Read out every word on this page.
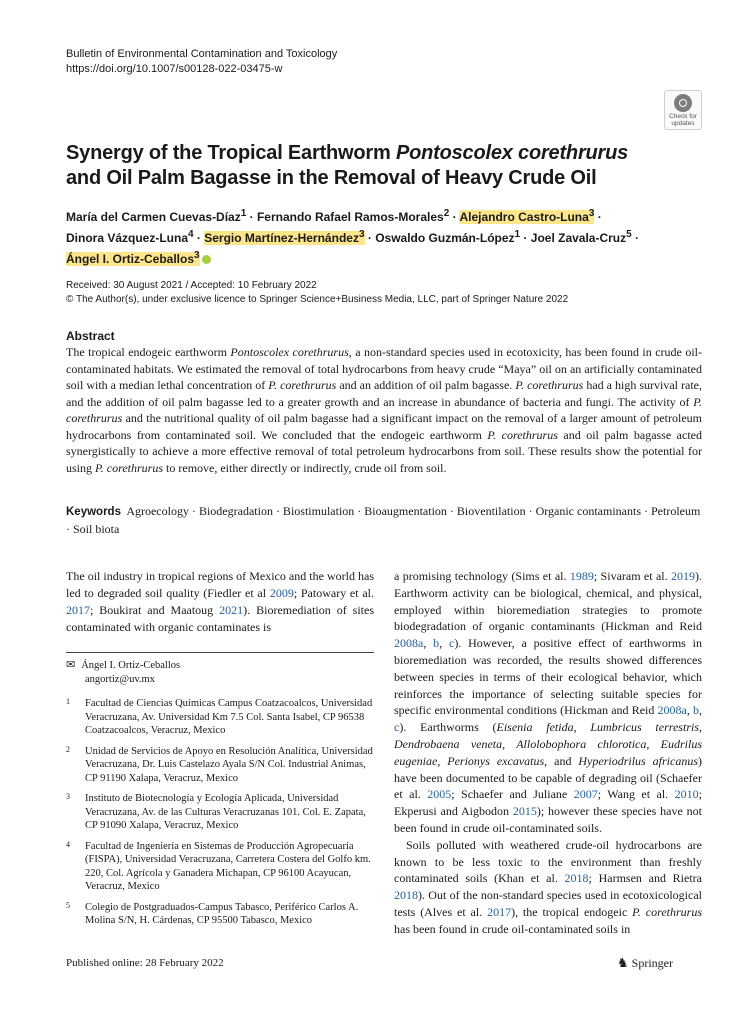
Bulletin of Environmental Contamination and Toxicology
https://doi.org/10.1007/s00128-022-03475-w
Check for
updates
Synergy of the Tropical Earthworm Pontoscolex corethrurus and Oil Palm Bagasse in the Removal of Heavy Crude Oil
María del Carmen Cuevas-Díaz$^1$ · Fernando Rafael Ramos-Morales$^2$ · Alejandro Castro-Luna$^3$ ·
Dinora Vázquez-Luna$^4$ · Sergio Martínez-Hernández$^3$ · Oswaldo Guzmán-López$^1$ · Joel Zavala-Cruz$^5$ ·
Ángel I. Ortiz-Ceballos$^3$
Received: 30 August 2021 / Accepted: 10 February 2022
© The Author(s), under exclusive licence to Springer Science+Business Media, LLC, part of Springer Nature 2022
Abstract
The tropical endogeic earthworm Pontoscolex corethrurus, a non-standard species used in ecotoxicity, has been found in crude oil-contaminated habitats. We estimated the removal of total hydrocarbons from heavy crude “Maya” oil on an artificially contaminated soil with a median lethal concentration of P. corethrurus and an addition of oil palm bagasse. P. corethrurus had a high survival rate, and the addition of oil palm bagasse led to a greater growth and an increase in abundance of bacteria and fungi. The activity of P. corethrurus and the nutritional quality of oil palm bagasse had a significant impact on the removal of a larger amount of petroleum hydrocarbons from contaminated soil. We concluded that the endogeic earthworm P. corethrurus and oil palm bagasse acted synergistically to achieve a more effective removal of total petroleum hydrocarbons from soil. These results show the potential for using P. corethrurus to remove, either directly or indirectly, crude oil from soil.
Keywords Agroecology · Biodegradation · Biostimulation · Bioaugmentation · Bioventilation · Organic contaminants · Petroleum · Soil biota
The oil industry in tropical regions of Mexico and the world has led to degraded soil quality (Fiedler et al 2009; Patowary et al. 2017; Boukirat and Maatoug 2021). Bioremediation of sites contaminated with organic contaminates is
✉ Ángel I. Ortiz-Ceballos
angortiz@uv.mx
1 Facultad de Ciencias Químicas Campus Coatzacoalcos, Universidad Veracruzana, Av. Universidad Km 7.5 Col. Santa Isabel, CP 96538 Coatzacoalcos, Veracruz, Mexico
2 Unidad de Servicios de Apoyo en Resolución Analítica, Universidad Veracruzana, Dr. Luis Castelazo Ayala S/N Col. Industrial Animas, CP 91190 Xalapa, Veracruz, Mexico
3 Instituto de Biotecnología y Ecología Aplicada, Universidad Veracruzana, Av. de las Culturas Veracruzanas 101. Col. E. Zapata, CP 91090 Xalapa, Veracruz, Mexico
4 Facultad de Ingeniería en Sistemas de Producción Agropecuaria (FISPA), Universidad Veracruzana, Carretera Costera del Golfo km. 220, Col. Agrícola y Ganadera Michapan, CP 96100 Acayucan, Veracruz, Mexico
5 Colegio de Postgraduados-Campus Tabasco, Periférico Carlos A. Molina S/N, H. Cárdenas, CP 95500 Tabasco, Mexico

a promising technology (Sims et al. 1989; Sivaram et al. 2019). Earthworm activity can be biological, chemical, and physical, employed within bioremediation strategies to promote biodegradation of organic contaminants (Hickman and Reid 2008a, b, c). However, a positive effect of earthworms in bioremediation was recorded, the results showed differences between species in terms of their ecological behavior, which reinforces the importance of selecting suitable species for specific environmental conditions (Hickman and Reid 2008a, b, c). Earthworms (Eisenia fetida, Lumbricus terrestris, Dendrobaena veneta, Allolobophora chlorotica, Eudrilus eugeniae, Perionys excavatus, and Hyperiodrilus africanus) have been documented to be capable of degrading oil (Schaefer et al. 2005; Schaefer and Juliane 2007; Wang et al. 2010; Ekperusi and Aigbodon 2015); however these species have not been found in crude oil-contaminated soils.

Soils polluted with weathered crude-oil hydrocarbons are known to be less toxic to the environment than freshly contaminated soils (Khan et al. 2018; Harmsen and Rietra 2018). Out of the non-standard species used in ecotoxicological tests (Alves et al. 2017), the tropical endogeic P. corethrurus has been found in crude oil-contaminated soils in

Published online: 28 February 2022	♞ Springer
